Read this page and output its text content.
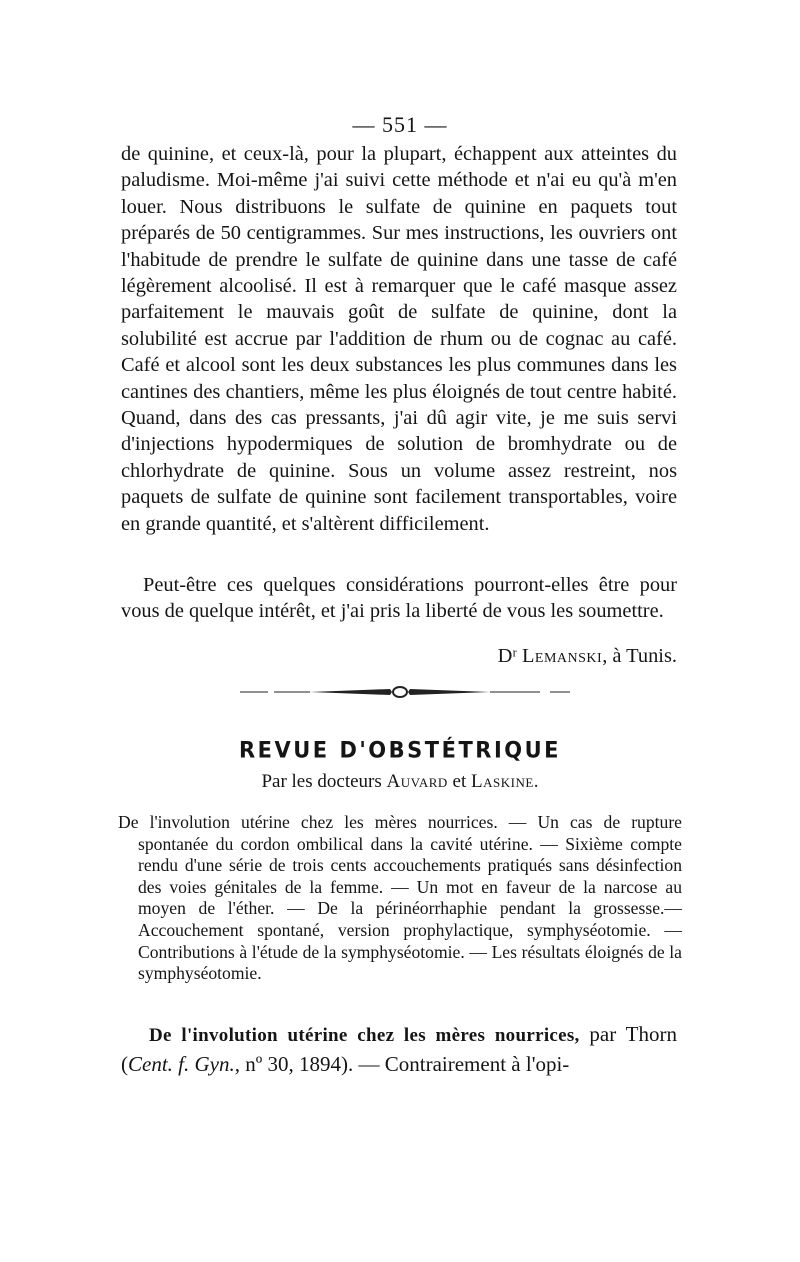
— 551 —

de quinine, et ceux-là, pour la plupart, échappent aux atteintes du paludisme. Moi-même j'ai suivi cette méthode et n'ai eu qu'à m'en louer. Nous distribuons le sulfate de quinine en paquets tout préparés de 50 centigrammes. Sur mes instructions, les ouvriers ont l'habitude de prendre le sulfate de quinine dans une tasse de café légèrement alcoolisé. Il est à remarquer que le café masque assez parfaitement le mauvais goût de sulfate de quinine, dont la solubilité est accrue par l'addition de rhum ou de cognac au café. Café et alcool sont les deux substances les plus communes dans les cantines des chantiers, même les plus éloignés de tout centre habité. Quand, dans des cas pressants, j'ai dû agir vite, je me suis servi d'injections hypodermiques de solution de bromhydrate ou de chlorhydrate de quinine. Sous un volume assez restreint, nos paquets de sulfate de quinine sont facilement transportables, voire en grande quantité, et s'altèrent difficilement.

Peut-être ces quelques considérations pourront-elles être pour vous de quelque intérêt, et j'ai pris la liberté de vous les soumettre.

Dʳ Lemanski, à Tunis.
REVUE D'OBSTÉTRIQUE
Par les docteurs Auvard et Laskine.

De l'involution utérine chez les mères nourrices. — Un cas de rupture spontanée du cordon ombilical dans la cavité utérine. — Sixième compte rendu d'une série de trois cents accouchements pratiqués sans désinfection des voies génitales de la femme. — Un mot en faveur de la narcose au moyen de l'éther. — De la périnéorrhaphie pendant la grossesse.— Accouchement spontané, version prophylactique, symphyséotomie. — Contributions à l'étude de la symphyséotomie. — Les résultats éloignés de la symphyséotomie.

De l'involution utérine chez les mères nourrices, par Thorn (Cent. f. Gyn., nº 30, 1894). — Contrairement à l'opi-
